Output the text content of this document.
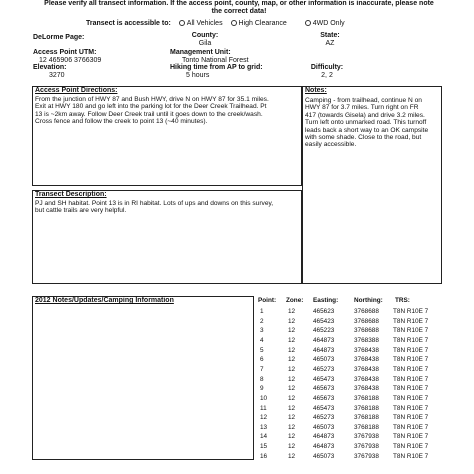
Please verify all transect information. If the access point, county, map, or other information is inaccurate, please note
the correct data!
Transect is accessible to: All Vehicles High Clearance	4WD Only
DeLorme Page:	County:
Gila
State:
AZ
Access Point UTM:
12 465906 3766309
Management Unit:
Tonto National Forest
Elevation:
3270
Hiking time from AP to grid:
5 hours
Difficulty:
2, 2
Access Point Directions:
From the junction of HWY 87 and Bush HWY, drive N on HWY 87 for 35.1 miles.
Exit at HWY 180 and go left into the parking lot for the Deer Creek Trailhead. Pt
13 is ~2km away. Follow Deer Creek trail until it goes down to the creek/wash.
Cross fence and follow the creek to point 13 (~40 minutes).
Notes:
Camping - from trailhead, continue N on
HWY 87 for 3.7 miles. Turn right on FR
417 (towards Gisela) and drive 3.2 miles.
Turn left onto unmarked road. This turnoff
leads back a short way to an OK campsite
with some shade. Close to the road, but
easily accessible.
Transect Description:
PJ and SH habitat. Point 13 is in RI habitat. Lots of ups and downs on this survey,
but cattle trails are very helpful.
2012 Notes/Updates/Camping Information	Point: Zone: Easting: Northing: TRS:
1	12	465623	3768688 T8N R10E 7
2	12	465423	3768688 T8N R10E 7
3	12	465223	3768688 T8N R10E 7
4	12	464873	3768388 T8N R10E 7
5	12	464873	3768438 T8N R10E 7
6	12	465073	3768438 T8N R10E 7
7	12	465273	3768438 T8N R10E 7
8	12	465473	3768438 T8N R10E 7
9	12	465673	3768438 T8N R10E 7
10	12	465673	3768188 T8N R10E 7
11	12	465473	3768188 T8N R10E 7
12	12	465273	3768188 T8N R10E 7
13	12	465073	3768188 T8N R10E 7
14	12	464873	3767938 T8N R10E 7
15	12	464873	3767938 T8N R10E 7
16	12	465073	3767938 T8N R10E 7
